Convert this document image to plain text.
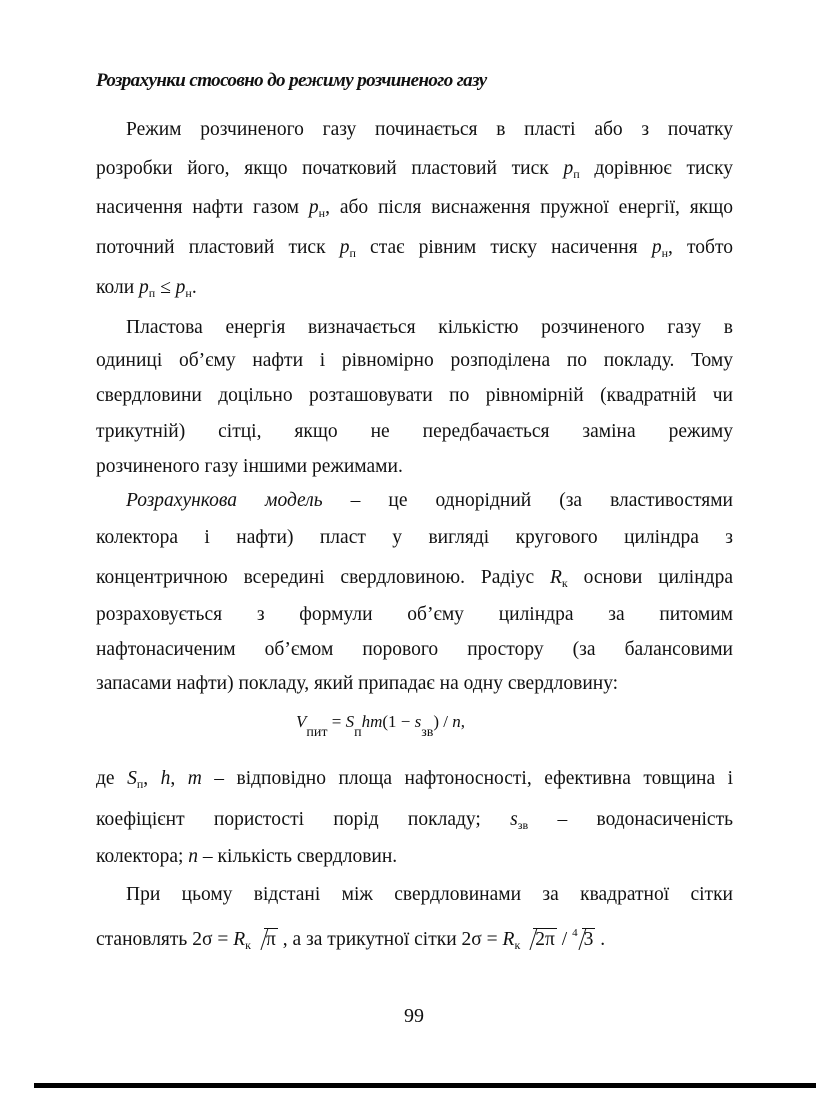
Розрахунки стосовно до режиму розчиненого газу
Режим розчиненого газу починається в пласті або з початку
розробки його, якщо початковий пластовий тиск $p_п$ дорівнює тиску
насичення нафти газом $p_н$, або після виснаження пружної енергії, якщо
поточний пластовий тиск $p_п$ стає рівним тиску насичення $p_н$, тобто
коли $p_п \le p_н$.
Пластова енергія визначається кількістю розчиненого газу в
одиниці об’єму нафти і рівномірно розподілена по покладу. Тому
свердловини доцільно розташовувати по рівномірній (квадратній чи
трикутній) сітці, якщо не передбачається заміна режиму
розчиненого газу іншими режимами.
Розрахункова модель – це однорідний (за властивостями
колектора і нафти) пласт у вигляді кругового циліндра з
концентричною всередині свердловиною. Радіус $R_к$ основи циліндра
розраховується з формули об’єму циліндра за питомим
нафтонасиченим об’ємом порового простору (за балансовими
запасами нафти) покладу, який припадає на одну свердловину:
$V_{пит} = S_пhm(1 - s_{зв}) / n$,
де $S_п$, h, m – відповідно площа нафтоносності, ефективна товщина і
коефіцієнт пористості порід покладу; $s_{зв}$ – водонасиченість
колектора; n – кількість свердловин.
При цьому відстані між свердловинами за квадратної сітки
становлять $2\sigma = R_к$ π , а за трикутної сітки $2\sigma = R_к$ 2π / $^4$ 3 .
99
